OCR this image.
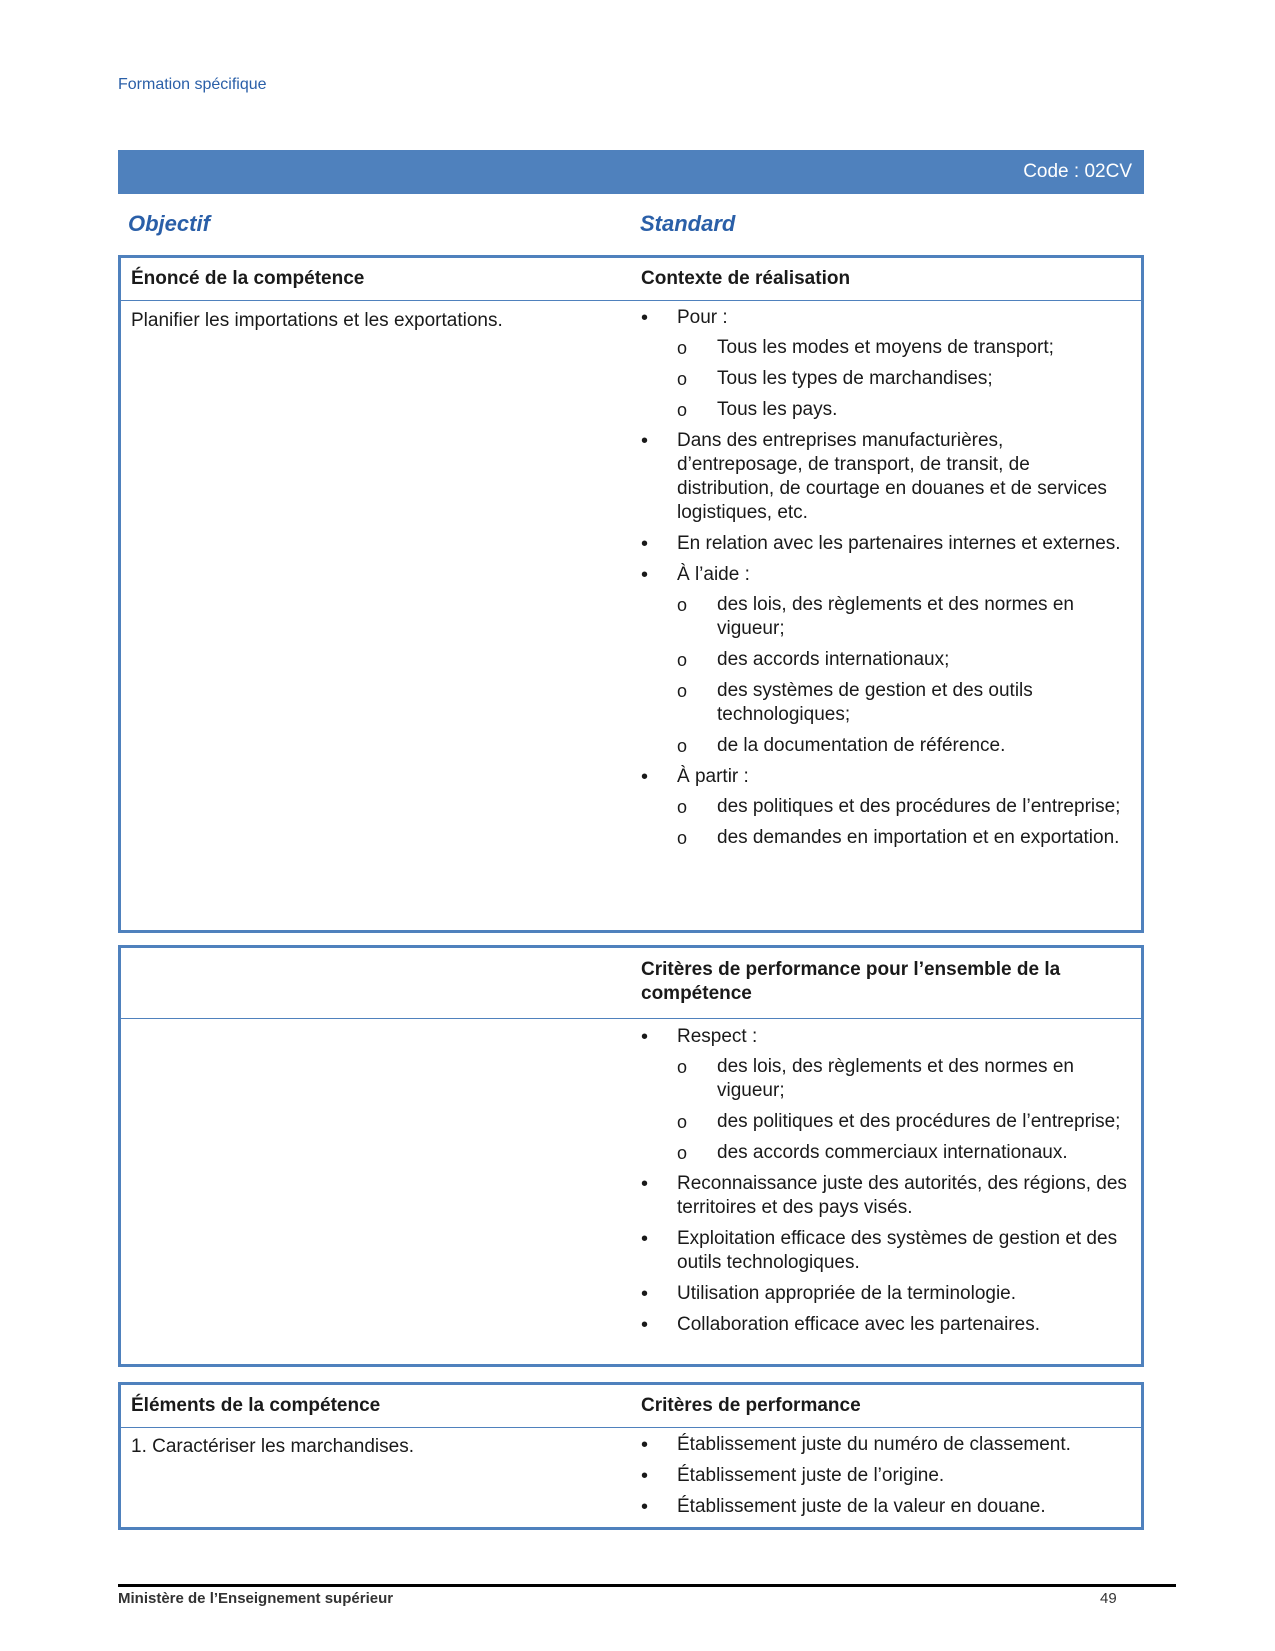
Formation spécifique
Code : 02CV
Objectif	Standard
Énoncé de la compétence	Contexte de réalisation
Planifier les importations et les exportations.	• Pour :
o Tous les modes et moyens de transport;
o Tous les types de marchandises;
o Tous les pays.
• Dans des entreprises manufacturières, d’entreposage, de transport, de transit, de distribution, de courtage en douanes et de services logistiques, etc.
• En relation avec les partenaires internes et externes.
• À l’aide :
o des lois, des règlements et des normes en vigueur;
o des accords internationaux;
o des systèmes de gestion et des outils technologiques;
o de la documentation de référence.
• À partir :
o des politiques et des procédures de l’entreprise;
o des demandes en importation et en exportation.
Critères de performance pour l’ensemble de la compétence
• Respect :
o des lois, des règlements et des normes en vigueur;
o des politiques et des procédures de l’entreprise;
o des accords commerciaux internationaux.
• Reconnaissance juste des autorités, des régions, des territoires et des pays visés.
• Exploitation efficace des systèmes de gestion et des outils technologiques.
• Utilisation appropriée de la terminologie.
• Collaboration efficace avec les partenaires.
Éléments de la compétence	Critères de performance
1. Caractériser les marchandises.	• Établissement juste du numéro de classement.
• Établissement juste de l’origine.
• Établissement juste de la valeur en douane.
Ministère de l’Enseignement supérieur	49
